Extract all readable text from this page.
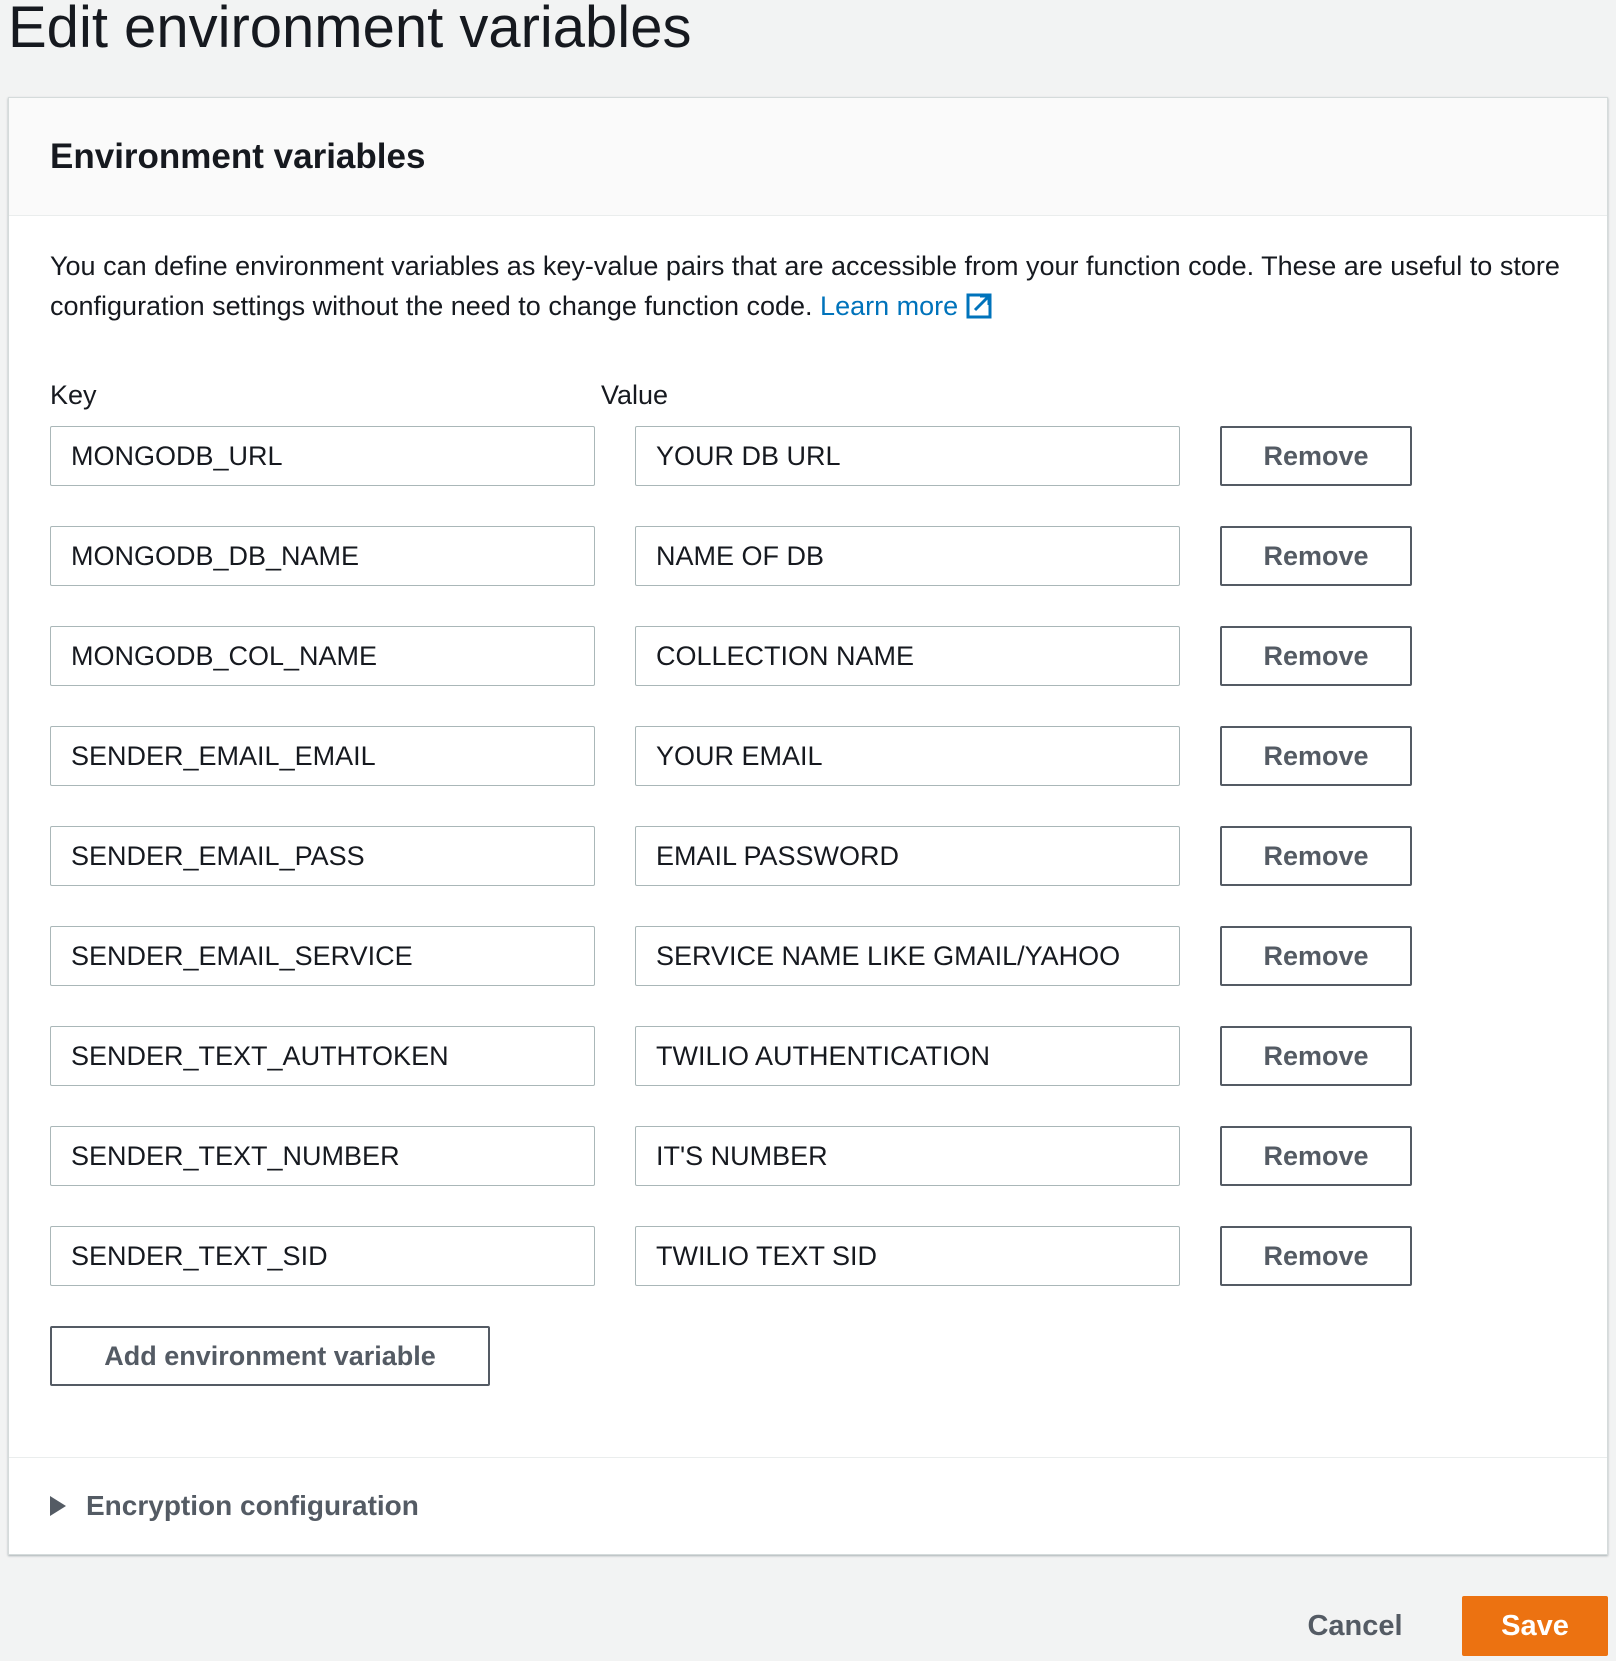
Edit environment variables
Environment variables

You can define environment variables as key-value pairs that are accessible from your function code. These are useful to store configuration settings without the need to change function code. Learn more

Key	Value
MONGODB_URL
YOUR DB URL
Remove
MONGODB_DB_NAME
NAME OF DB
Remove
MONGODB_COL_NAME
COLLECTION NAME
Remove
SENDER_EMAIL_EMAIL
YOUR EMAIL
Remove
SENDER_EMAIL_PASS
EMAIL PASSWORD
Remove
SENDER_EMAIL_SERVICE
SERVICE NAME LIKE GMAIL/YAHOO
Remove
SENDER_TEXT_AUTHTOKEN
TWILIO AUTHENTICATION
Remove
SENDER_TEXT_NUMBER
IT'S NUMBER
Remove
SENDER_TEXT_SID
TWILIO TEXT SID
Remove
Add environment variable
Encryption configuration
Cancel	Save
